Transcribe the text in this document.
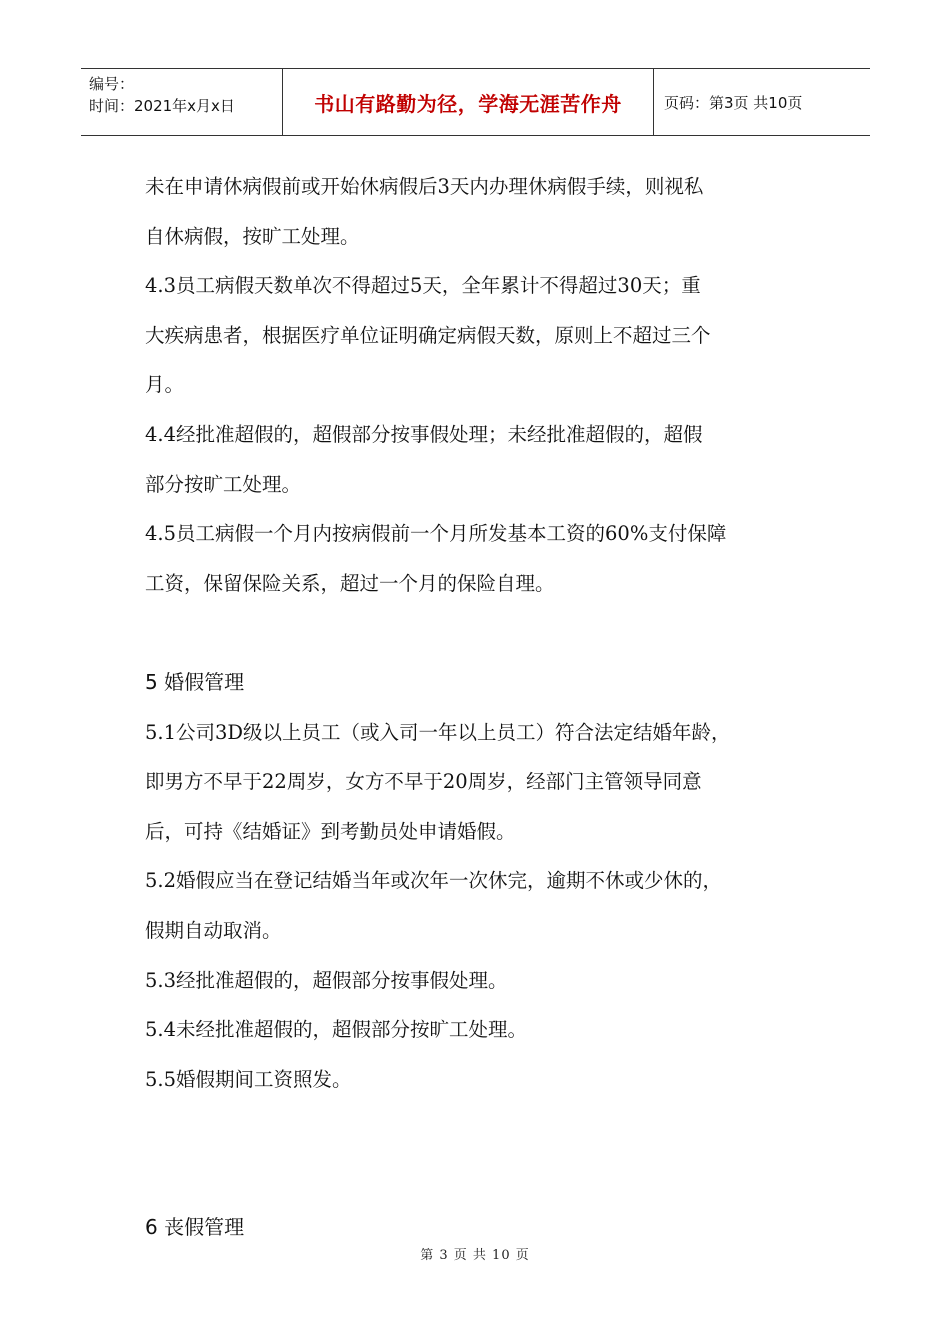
编号：
时间：2021年x月x日	书山有路勤为径，学海无涯苦作舟	页码：第3页 共10页

未在申请休病假前或开始休病假后3天内办理休病假手续，则视私

自休病假，按旷工处理。

4.3员工病假天数单次不得超过5天，全年累计不得超过30天；重

大疾病患者，根据医疗单位证明确定病假天数，原则上不超过三个

月。

4.4经批准超假的，超假部分按事假处理；未经批准超假的，超假

部分按旷工处理。

4.5员工病假一个月内按病假前一个月所发基本工资的60%支付保障

工资，保留保险关系，超过一个月的保险自理。

5 婚假管理

5.1公司3D级以上员工（或入司一年以上员工）符合法定结婚年龄，

即男方不早于22周岁，女方不早于20周岁，经部门主管领导同意

后，可持《结婚证》到考勤员处申请婚假。

5.2婚假应当在登记结婚当年或次年一次休完，逾期不休或少休的，

假期自动取消。

5.3经批准超假的，超假部分按事假处理。

5.4未经批准超假的，超假部分按旷工处理。

5.5婚假期间工资照发。

6 丧假管理
第 3 页 共 10 页
